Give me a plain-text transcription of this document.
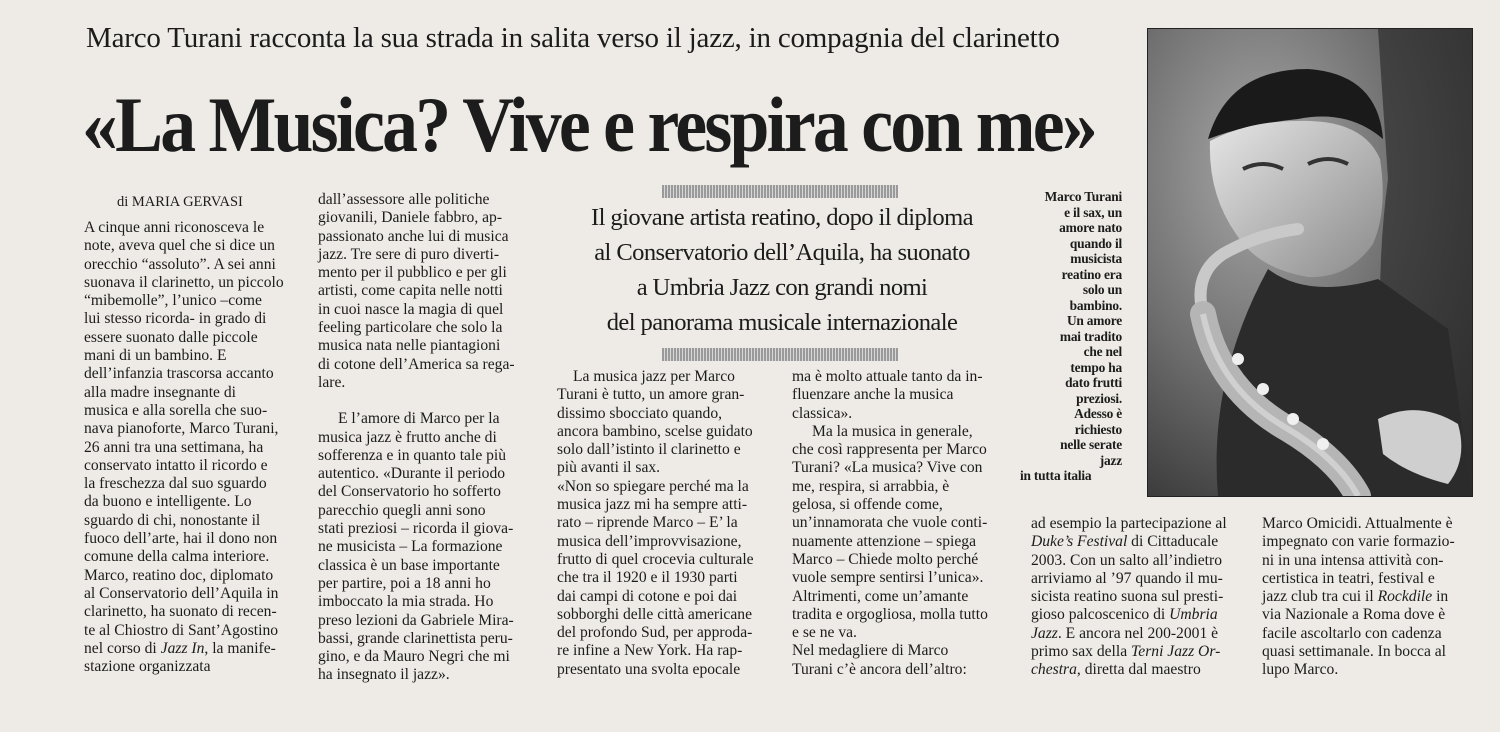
Marco Turani racconta la sua strada in salita verso il jazz, in compagnia del clarinetto
«La Musica? Vive e respira con me»
di MARIA GERVASI
A cinque anni riconosceva le
note, aveva quel che si dice un
orecchio “assoluto”. A sei anni
suonava il clarinetto, un piccolo
“mibemolle”, l’unico –come
lui stesso ricorda- in grado di
essere suonato dalle piccole
mani di un bambino. E
dell’infanzia trascorsa accanto
alla madre insegnante di
musica e alla sorella che suo-
nava pianoforte, Marco Turani,
26 anni tra una settimana, ha
conservato intatto il ricordo e
la freschezza dal suo sguardo
da buono e intelligente. Lo
sguardo di chi, nonostante il
fuoco dell’arte, hai il dono non
comune della calma interiore.
Marco, reatino doc, diplomato
al Conservatorio dell’Aquila in
clarinetto, ha suonato di recen-
te al Chiostro di Sant’Agostino
nel corso di Jazz In, la manife-
stazione organizzata

dall’assessore alle politiche
giovanili, Daniele fabbro, ap-
passionato anche lui di musica
jazz. Tre sere di puro diverti-
mento per il pubblico e per gli
artisti, come capita nelle notti
in cuoi nasce la magia di quel
feeling particolare che solo la
musica nata nelle piantagioni
di cotone dell’America sa rega-
lare.

E l’amore di Marco per la
musica jazz è frutto anche di
sofferenza e in quanto tale più
autentico. «Durante il periodo
del Conservatorio ho sofferto
parecchio quegli anni sono
stati preziosi – ricorda il giova-
ne musicista – La formazione
classica è un base importante
per partire, poi a 18 anni ho
imboccato la mia strada. Ho
preso lezioni da Gabriele Mira-
bassi, grande clarinettista peru-
gino, e da Mauro Negri che mi
ha insegnato il jazz».

Il giovane artista reatino, dopo il diploma
al Conservatorio dell’Aquila, ha suonato
a Umbria Jazz con grandi nomi
del panorama musicale internazionale
La musica jazz per Marco
Turani è tutto, un amore gran-
dissimo sbocciato quando,
ancora bambino, scelse guidato
solo dall’istinto il clarinetto e
più avanti il sax.
«Non so spiegare perché ma la
musica jazz mi ha sempre atti-
rato – riprende Marco – E’ la
musica dell’improvvisazione,
frutto di quel crocevia culturale
che tra il 1920 e il 1930 parti
dai campi di cotone e poi dai
sobborghi delle città americane
del profondo Sud, per approda-
re infine a New York. Ha rap-
presentato una svolta epocale
ma è molto attuale tanto da in-
fluenzare anche la musica
classica».
Ma la musica in generale,
che così rappresenta per Marco
Turani? «La musica? Vive con
me, respira, si arrabbia, è
gelosa, si offende come,
un’innamorata che vuole conti-
nuamente attenzione – spiega
Marco – Chiede molto perché
vuole sempre sentirsi l’unica».
Altrimenti, come un’amante
tradita e orgogliosa, molla tutto
e se ne va.
Nel medagliere di Marco
Turani c’è ancora dell’altro:
ad esempio la partecipazione al
Duke’s Festival di Cittaducale
2003. Con un salto all’indietro
arriviamo al ’97 quando il mu-
sicista reatino suona sul presti-
gioso palcoscenico di Umbria
Jazz. E ancora nel 200-2001 è
primo sax della Terni Jazz Or-
chestra, diretta dal maestro
Marco Omicidi. Attualmente è
impegnato con varie formazio-
ni in una intensa attività con-
certistica in teatri, festival e
jazz club tra cui il Rockdile in
via Nazionale a Roma dove è
facile ascoltarlo con cadenza
quasi settimanale. In bocca al
lupo Marco.
Marco Turani
e il sax, un
amore nato
quando il
musicista
reatino era
solo un
bambino.
Un amore
mai tradito
che nel
tempo ha
dato frutti
preziosi.
Adesso è
richiesto
nelle serate
jazz
in tutta italia
